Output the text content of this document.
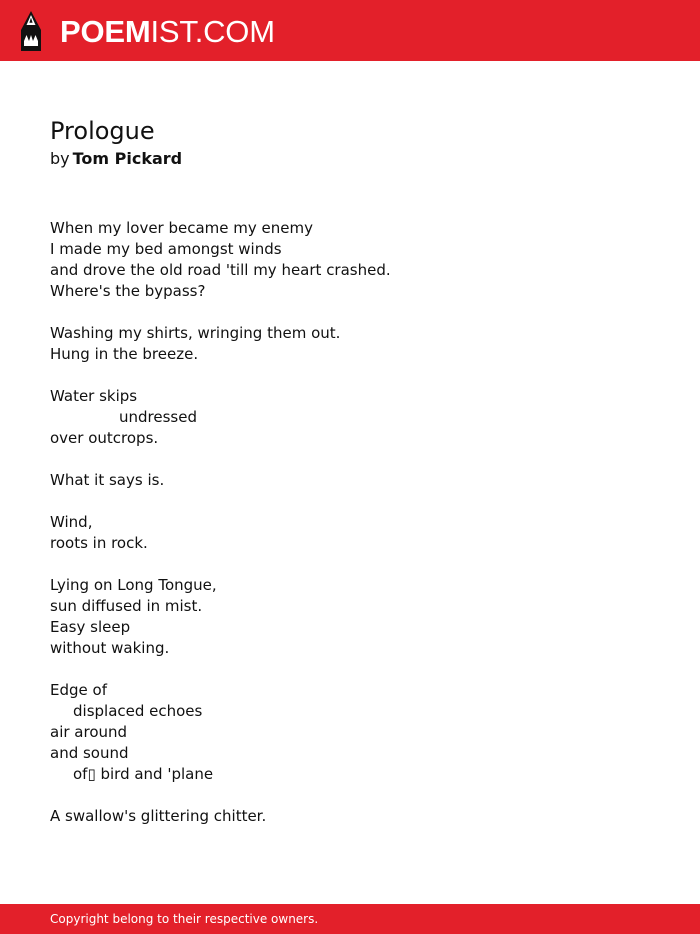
POEMIST.COM
Prologue
by Tom Pickard
When my lover became my enemy
I made my bed amongst winds
and drove the old road 'till my heart crashed.
Where's the bypass?
Washing my shirts, wringing them out.
Hung in the breeze.
Water skips
undressed
over outcrops.
What it says is.
Wind,
roots in rock.
Lying on Long Tongue,
sun diffused in mist.
Easy sleep
without waking.
Edge of
displaced echoes
air around
and sound
of▯ bird and 'plane
A swallow's glittering chitter.
Copyright belong to their respective owners.
